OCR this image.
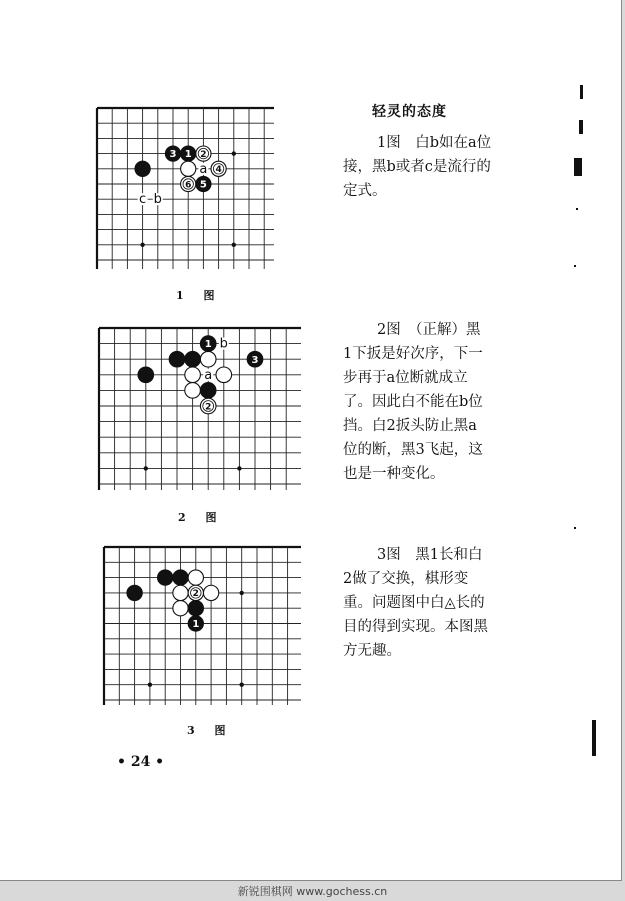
3 1 2
4
6 5
a
b
c
1 图
轻灵的态度
1图　白b如在a位
接，黑b或者c是流行的
定式。
1
2
3
a
b
2 图
2图　（正解）黑
1下扳是好次序，下一
步再于a位断就成立
了。因此白不能在b位
挡。白2扳头防止黑a
位的断，黑3飞起，这
也是一种变化。
2
1
3 图
3图　黑1长和白
2做了交换，棋形变
重。问题图中白◬长的
目的得到实现。本图黑
方无趣。
• 24 •
新锐围棋网 www.gochess.cn
